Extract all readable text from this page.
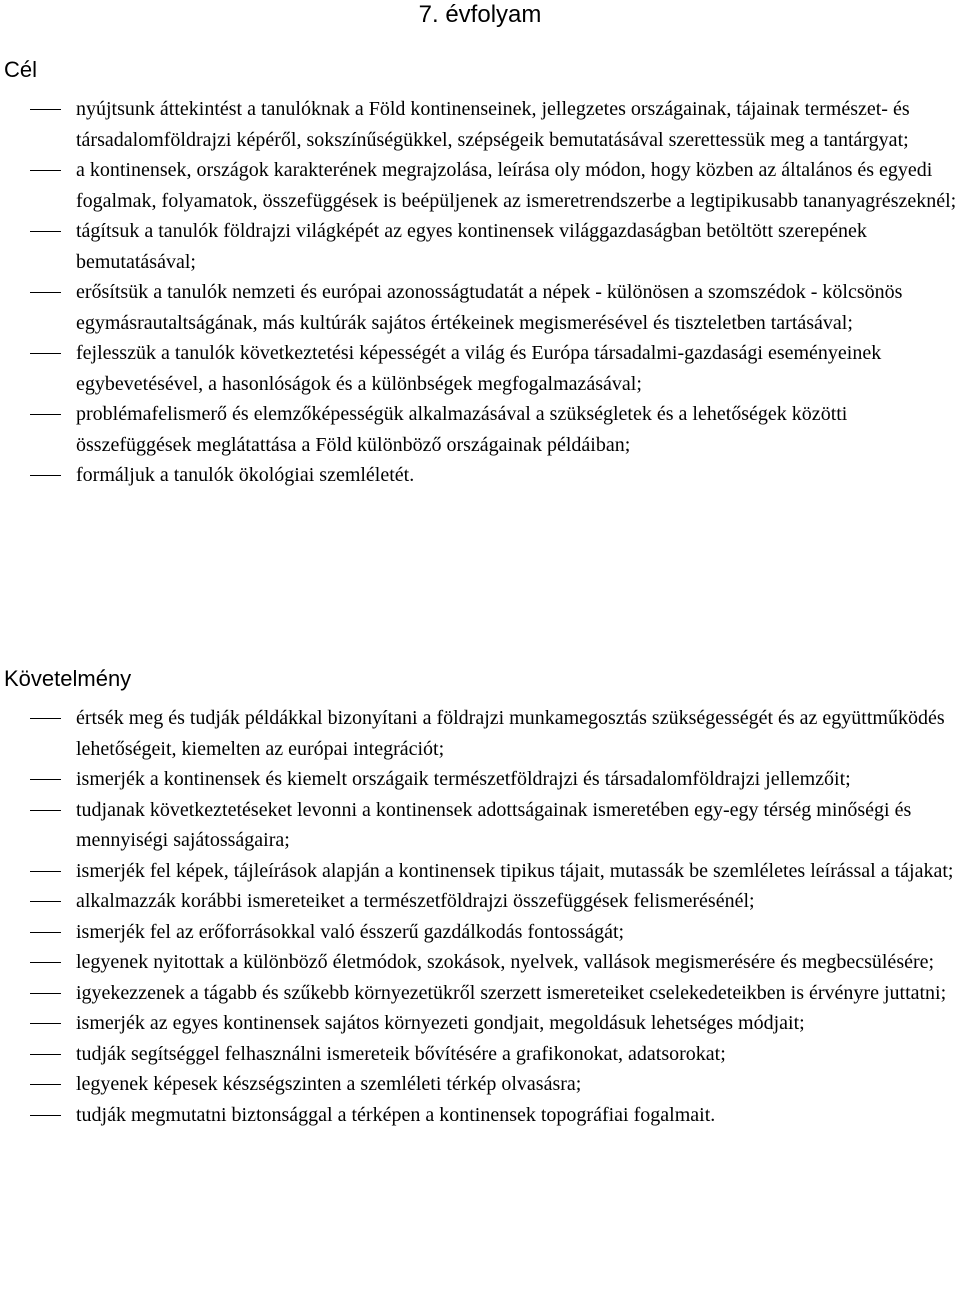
7. évfolyam
Cél
nyújtsunk áttekintést a tanulóknak a Föld kontinenseinek, jellegzetes országainak, tájainak természet- és társadalomföldrajzi képéről, sokszínűségükkel, szépségeik bemutatásával szerettessük meg a tantárgyat;
a kontinensek, országok karakterének megrajzolása, leírása oly módon, hogy közben az általános és egyedi fogalmak, folyamatok, összefüggések is beépüljenek az ismeretrendszerbe a legtipikusabb tananyagrészeknél;
tágítsuk a tanulók földrajzi világképét az egyes kontinensek világgazdaságban betöltött szerepének bemutatásával;
erősítsük a tanulók nemzeti és európai azonosságtudatát a népek - különösen a szomszédok - kölcsönös egymásrautaltságának, más kultúrák sajátos értékeinek megismerésével és tiszteletben tartásával;
fejlesszük a tanulók következtetési képességét a világ és Európa társadalmi-gazdasági eseményeinek egybevetésével, a hasonlóságok és a különbségek megfogalmazásával;
problémafelismerő és elemzőképességük alkalmazásával a szükségletek és a lehetőségek közötti összefüggések meglátattása a Föld különböző országainak példáiban;
formáljuk a tanulók ökológiai szemléletét.
Követelmény
értsék meg és tudják példákkal bizonyítani a földrajzi munkamegosztás szükségességét és az együttműködés lehetőségeit, kiemelten az európai integrációt;
ismerjék a kontinensek és kiemelt országaik természetföldrajzi és társadalomföldrajzi jellemzőit;
tudjanak következtetéseket levonni a kontinensek adottságainak ismeretében egy-egy térség minőségi és mennyiségi sajátosságaira;
ismerjék fel képek, tájleírások alapján a kontinensek tipikus tájait, mutassák be szemléletes leírással a tájakat;
alkalmazzák korábbi ismereteiket a természetföldrajzi összefüggések felismerésénél;
ismerjék fel az erőforrásokkal való ésszerű gazdálkodás fontosságát;
legyenek nyitottak a különböző életmódok, szokások, nyelvek, vallások megismerésére és megbecsülésére;
igyekezzenek a tágabb és szűkebb környezetükről szerzett ismereteiket cselekedeteikben is érvényre juttatni;
ismerjék az egyes kontinensek sajátos környezeti gondjait, megoldásuk lehetséges módjait;
tudják segítséggel felhasználni ismereteik bővítésére a grafikonokat, adatsorokat;
legyenek képesek készségszinten a szemléleti térkép olvasásra;
tudják megmutatni biztonsággal a térképen a kontinensek topográfiai fogalmait.
